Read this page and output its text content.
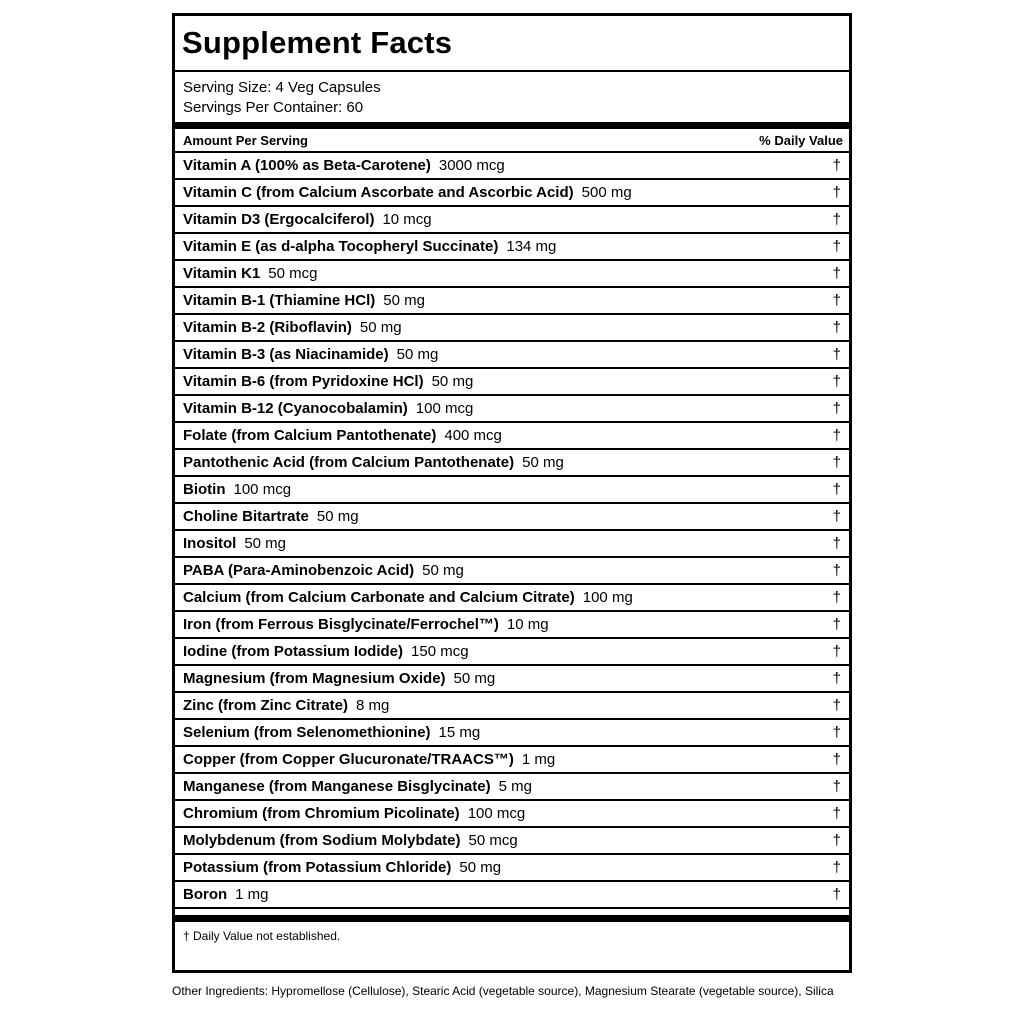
Supplement Facts
Serving Size: 4 Veg Capsules
Servings Per Container: 60
Amount Per Serving	% Daily Value
Vitamin A (100% as Beta-Carotene) 3000 mcg	†
Vitamin C (from Calcium Ascorbate and Ascorbic Acid) 500 mg	†
Vitamin D3 (Ergocalciferol) 10 mcg	†
Vitamin E (as d-alpha Tocopheryl Succinate) 134 mg	†
Vitamin K1 50 mcg	†
Vitamin B-1 (Thiamine HCl) 50 mg	†
Vitamin B-2 (Riboflavin) 50 mg	†
Vitamin B-3 (as Niacinamide) 50 mg	†
Vitamin B-6 (from Pyridoxine HCl) 50 mg	†
Vitamin B-12 (Cyanocobalamin) 100 mcg	†
Folate (from Calcium Pantothenate) 400 mcg	†
Pantothenic Acid (from Calcium Pantothenate) 50 mg	†
Biotin 100 mcg	†
Choline Bitartrate 50 mg	†
Inositol 50 mg	†
PABA (Para-Aminobenzoic Acid) 50 mg	†
Calcium (from Calcium Carbonate and Calcium Citrate) 100 mg	†
Iron (from Ferrous Bisglycinate/Ferrochel™) 10 mg	†
Iodine (from Potassium Iodide) 150 mcg	†
Magnesium (from Magnesium Oxide) 50 mg	†
Zinc (from Zinc Citrate) 8 mg	†
Selenium (from Selenomethionine) 15 mg	†
Copper (from Copper Glucuronate/TRAACS™) 1 mg	†
Manganese (from Manganese Bisglycinate) 5 mg	†
Chromium (from Chromium Picolinate) 100 mcg	†
Molybdenum (from Sodium Molybdate) 50 mcg	†
Potassium (from Potassium Chloride) 50 mg	†
Boron 1 mg	†
† Daily Value not established.
Other Ingredients: Hypromellose (Cellulose), Stearic Acid (vegetable source), Magnesium Stearate (vegetable source), Silica
